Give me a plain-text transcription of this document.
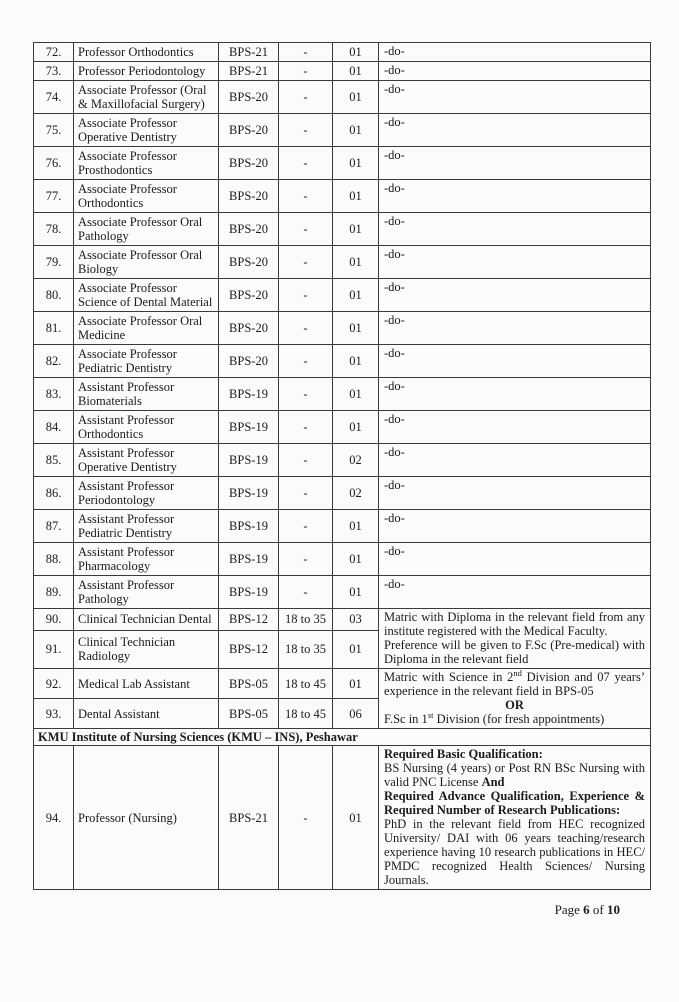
72.	Professor Orthodontics	BPS-21	-	01	-do-
73.	Professor Periodontology	BPS-21	-	01	-do-
74.	Associate Professor (Oral & Maxillofacial Surgery)	BPS-20	-	01	-do-
75.	Associate Professor Operative Dentistry	BPS-20	-	01	-do-
76.	Associate Professor Prosthodontics	BPS-20	-	01	-do-
77.	Associate Professor Orthodontics	BPS-20	-	01	-do-
78.	Associate Professor Oral Pathology	BPS-20	-	01	-do-
79.	Associate Professor Oral Biology	BPS-20	-	01	-do-
80.	Associate Professor Science of Dental Material	BPS-20	-	01	-do-
81.	Associate Professor Oral Medicine	BPS-20	-	01	-do-
82.	Associate Professor Pediatric Dentistry	BPS-20	-	01	-do-
83.	Assistant Professor Biomaterials	BPS-19	-	01	-do-
84.	Assistant Professor Orthodontics	BPS-19	-	01	-do-
85.	Assistant Professor Operative Dentistry	BPS-19	-	02	-do-
86.	Assistant Professor Periodontology	BPS-19	-	02	-do-
87.	Assistant Professor Pediatric Dentistry	BPS-19	-	01	-do-
88.	Assistant Professor Pharmacology	BPS-19	-	01	-do-
89.	Assistant Professor Pathology	BPS-19	-	01	-do-
90.	Clinical Technician Dental	BPS-12	18 to 35	03	Matric with Diploma in the relevant field from any institute registered with the Medical Faculty.
Preference will be given to F.Sc (Pre-medical) with Diploma in the relevant field

91.	Clinical Technician Radiology	BPS-12	18 to 35	01	
92.	Medical Lab Assistant	BPS-05	18 to 45	01	Matric with Science in 2nd Division and 07 years’ experience in the relevant field in BPS-05
OR
F.Sc in 1st Division (for fresh appointments)

93.	Dental Assistant	BPS-05	18 to 45	06	
KMU Institute of Nursing Sciences (KMU – INS), Peshawar					
94.	Professor (Nursing)	BPS-21	-	01	Required Basic Qualification:
BS Nursing (4 years) or Post RN BSc Nursing with valid PNC License And
Required Advance Qualification, Experience & Required Number of Research Publications:
PhD in the relevant field from HEC recognized University/ DAI with 06 years teaching/research experience having 10 research publications in HEC/ PMDC recognized Health Sciences/ Nursing Journals.
Page 6 of 10
